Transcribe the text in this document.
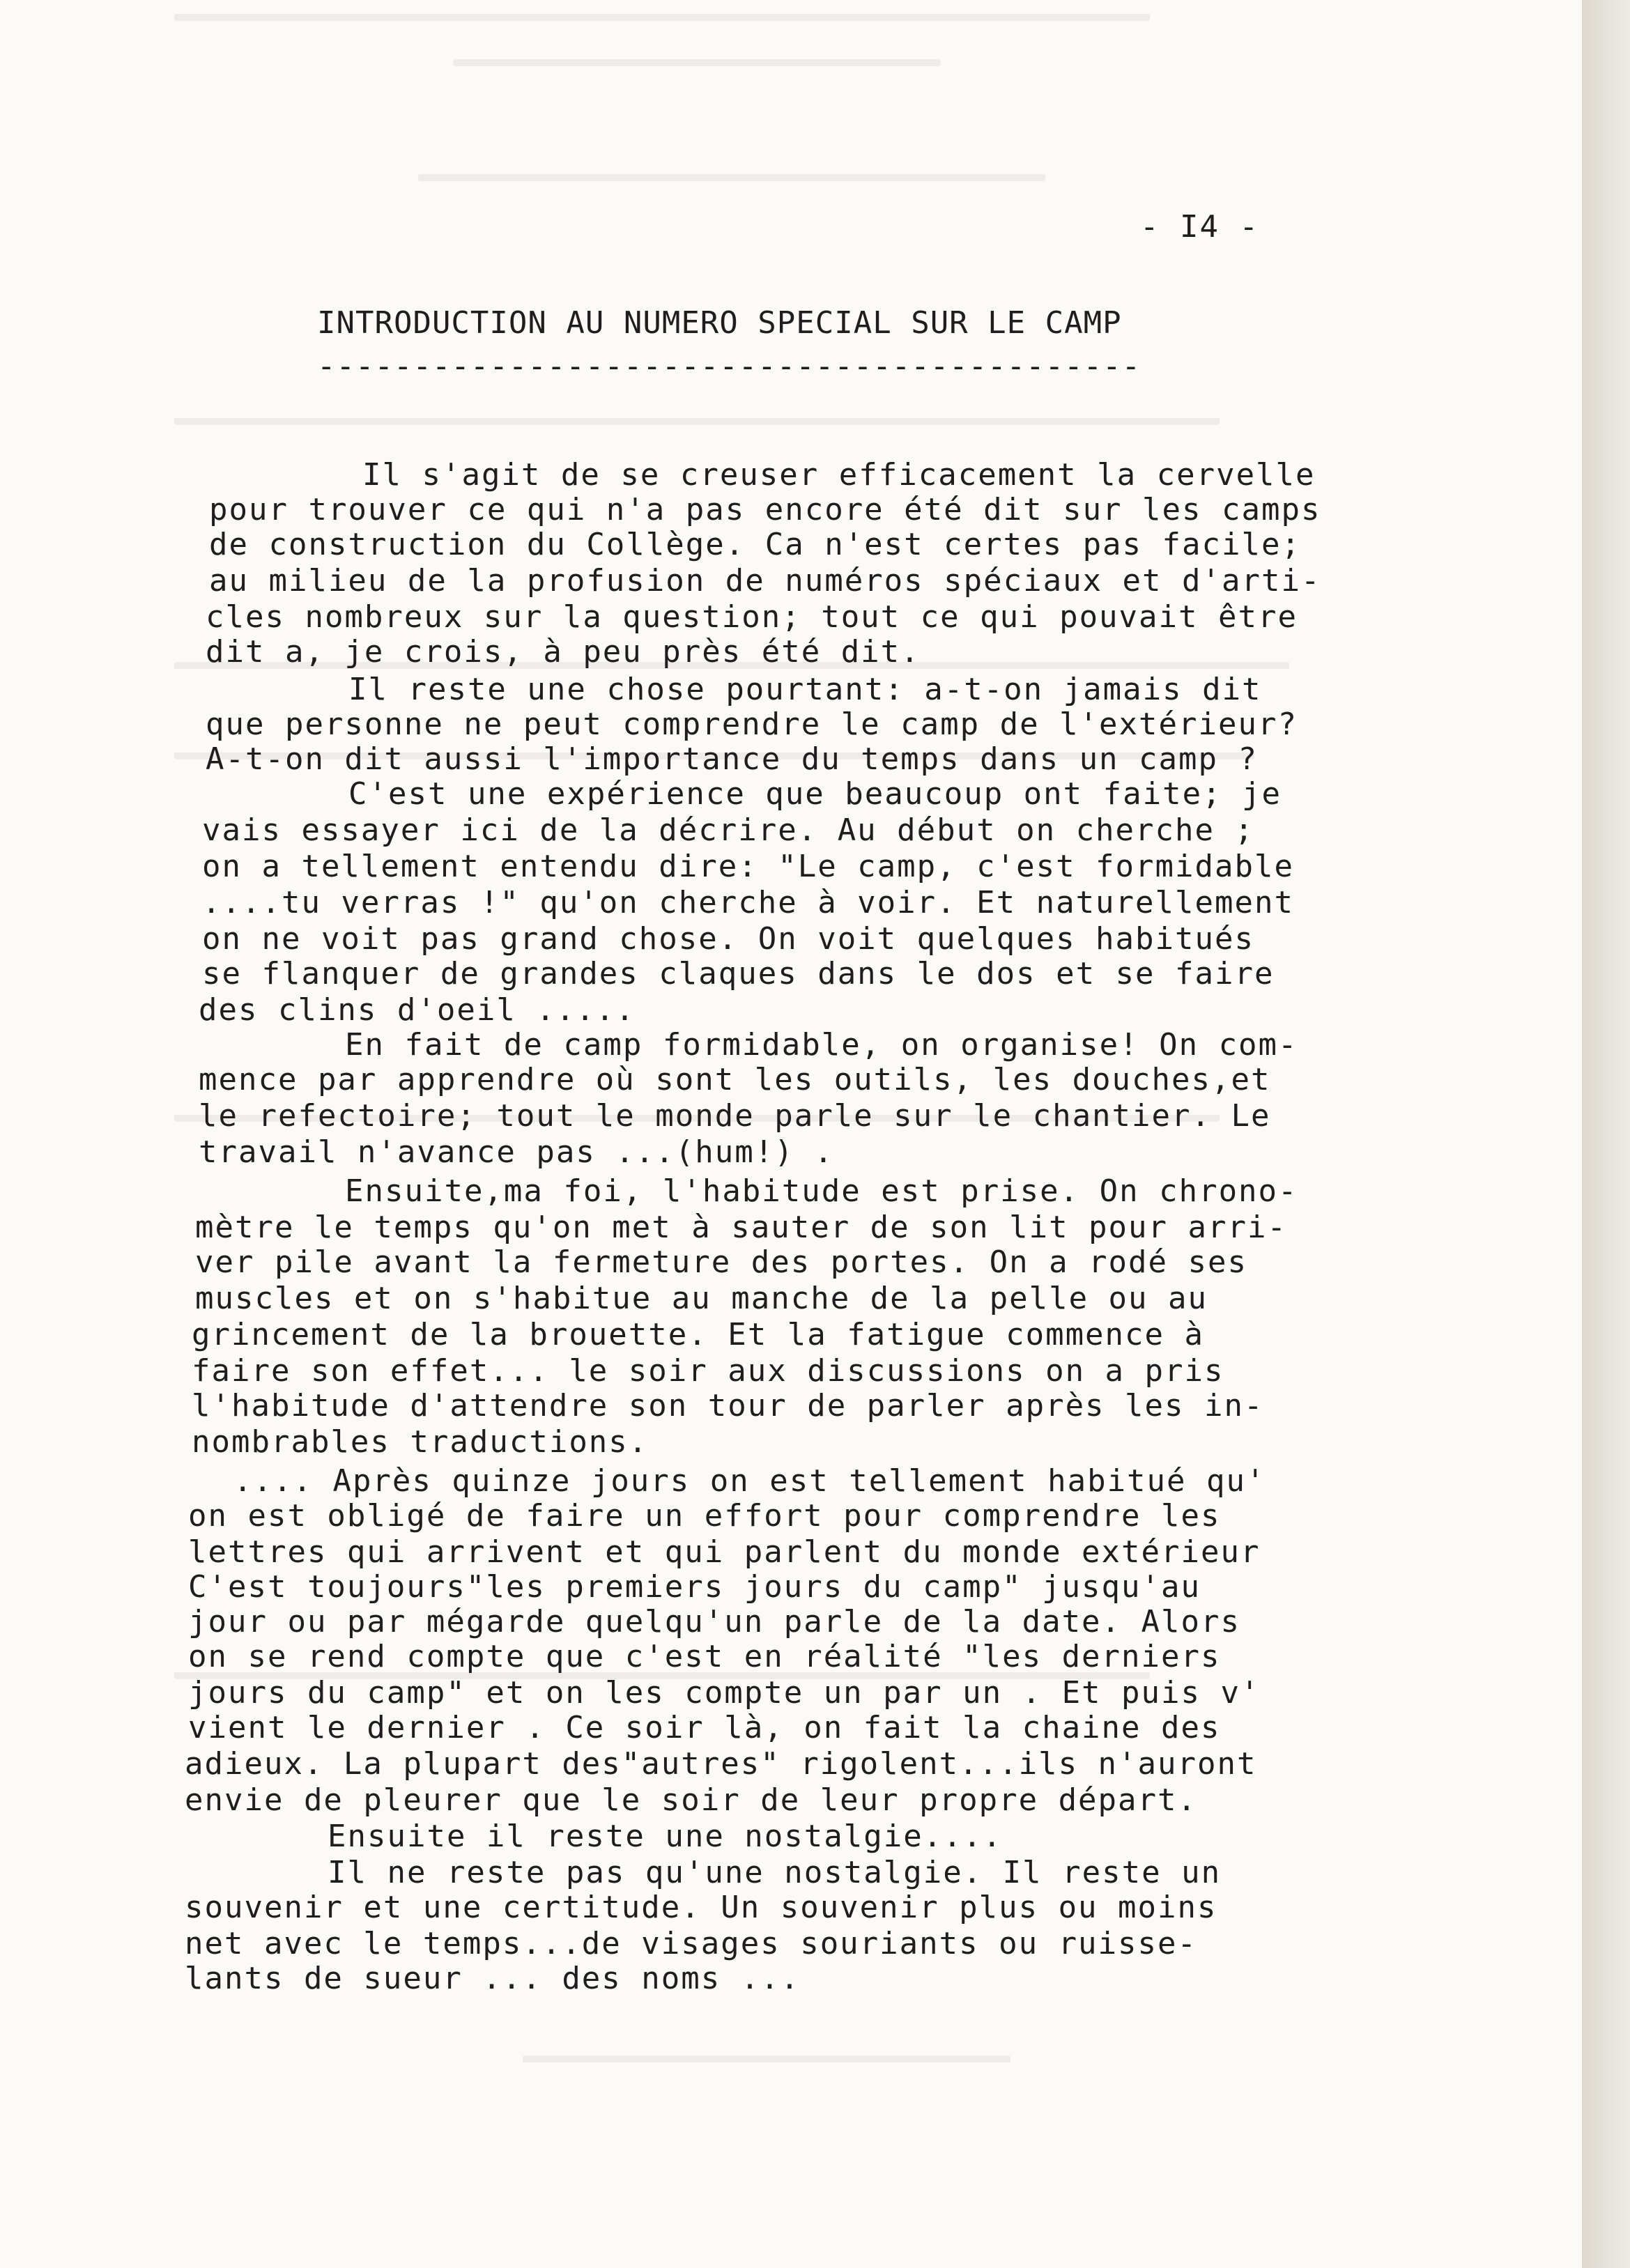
- I4 -
INTRODUCTION AU NUMERO SPECIAL SUR LE CAMP
-------------------------------------------
Il s'agit de se creuser efficacement la cervelle
pour trouver ce qui n'a pas encore été dit sur les camps
de construction du Collège. Ca n'est certes pas facile;
au milieu de la profusion de numéros spéciaux et d'arti-
cles nombreux sur la question; tout ce qui pouvait être
dit a, je crois, à peu près été dit.
Il reste une chose pourtant: a-t-on jamais dit
que personne ne peut comprendre le camp de l'extérieur?
A-t-on dit aussi l'importance du temps dans un camp ?
C'est une expérience que beaucoup ont faite; je
vais essayer ici de la décrire. Au début on cherche ;
on a tellement entendu dire: "Le camp, c'est formidable
....tu verras !" qu'on cherche à voir. Et naturellement
on ne voit pas grand chose. On voit quelques habitués
se flanquer de grandes claques dans le dos et se faire
des clins d'oeil .....
En fait de camp formidable, on organise! On com-
mence par apprendre où sont les outils, les douches,et
le refectoire; tout le monde parle sur le chantier. Le
travail n'avance pas ...(hum!) .
Ensuite,ma foi, l'habitude est prise. On chrono-
mètre le temps qu'on met à sauter de son lit pour arri-
ver pile avant la fermeture des portes. On a rodé ses
muscles et on s'habitue au manche de la pelle ou au
grincement de la brouette. Et la fatigue commence à
faire son effet... le soir aux discussions on a pris
l'habitude d'attendre son tour de parler après les in-
nombrables traductions.
.... Après quinze jours on est tellement habitué qu'
on est obligé de faire un effort pour comprendre les
lettres qui arrivent et qui parlent du monde extérieur
C'est toujours"les premiers jours du camp" jusqu'au
jour ou par mégarde quelqu'un parle de la date. Alors
on se rend compte que c'est en réalité "les derniers
jours du camp" et on les compte un par un . Et puis v'
vient le dernier . Ce soir là, on fait la chaine des
adieux. La plupart des"autres" rigolent...ils n'auront
envie de pleurer que le soir de leur propre départ.
Ensuite il reste une nostalgie....
Il ne reste pas qu'une nostalgie. Il reste un
souvenir et une certitude. Un souvenir plus ou moins
net avec le temps...de visages souriants ou ruisse-
lants de sueur ... des noms ...
